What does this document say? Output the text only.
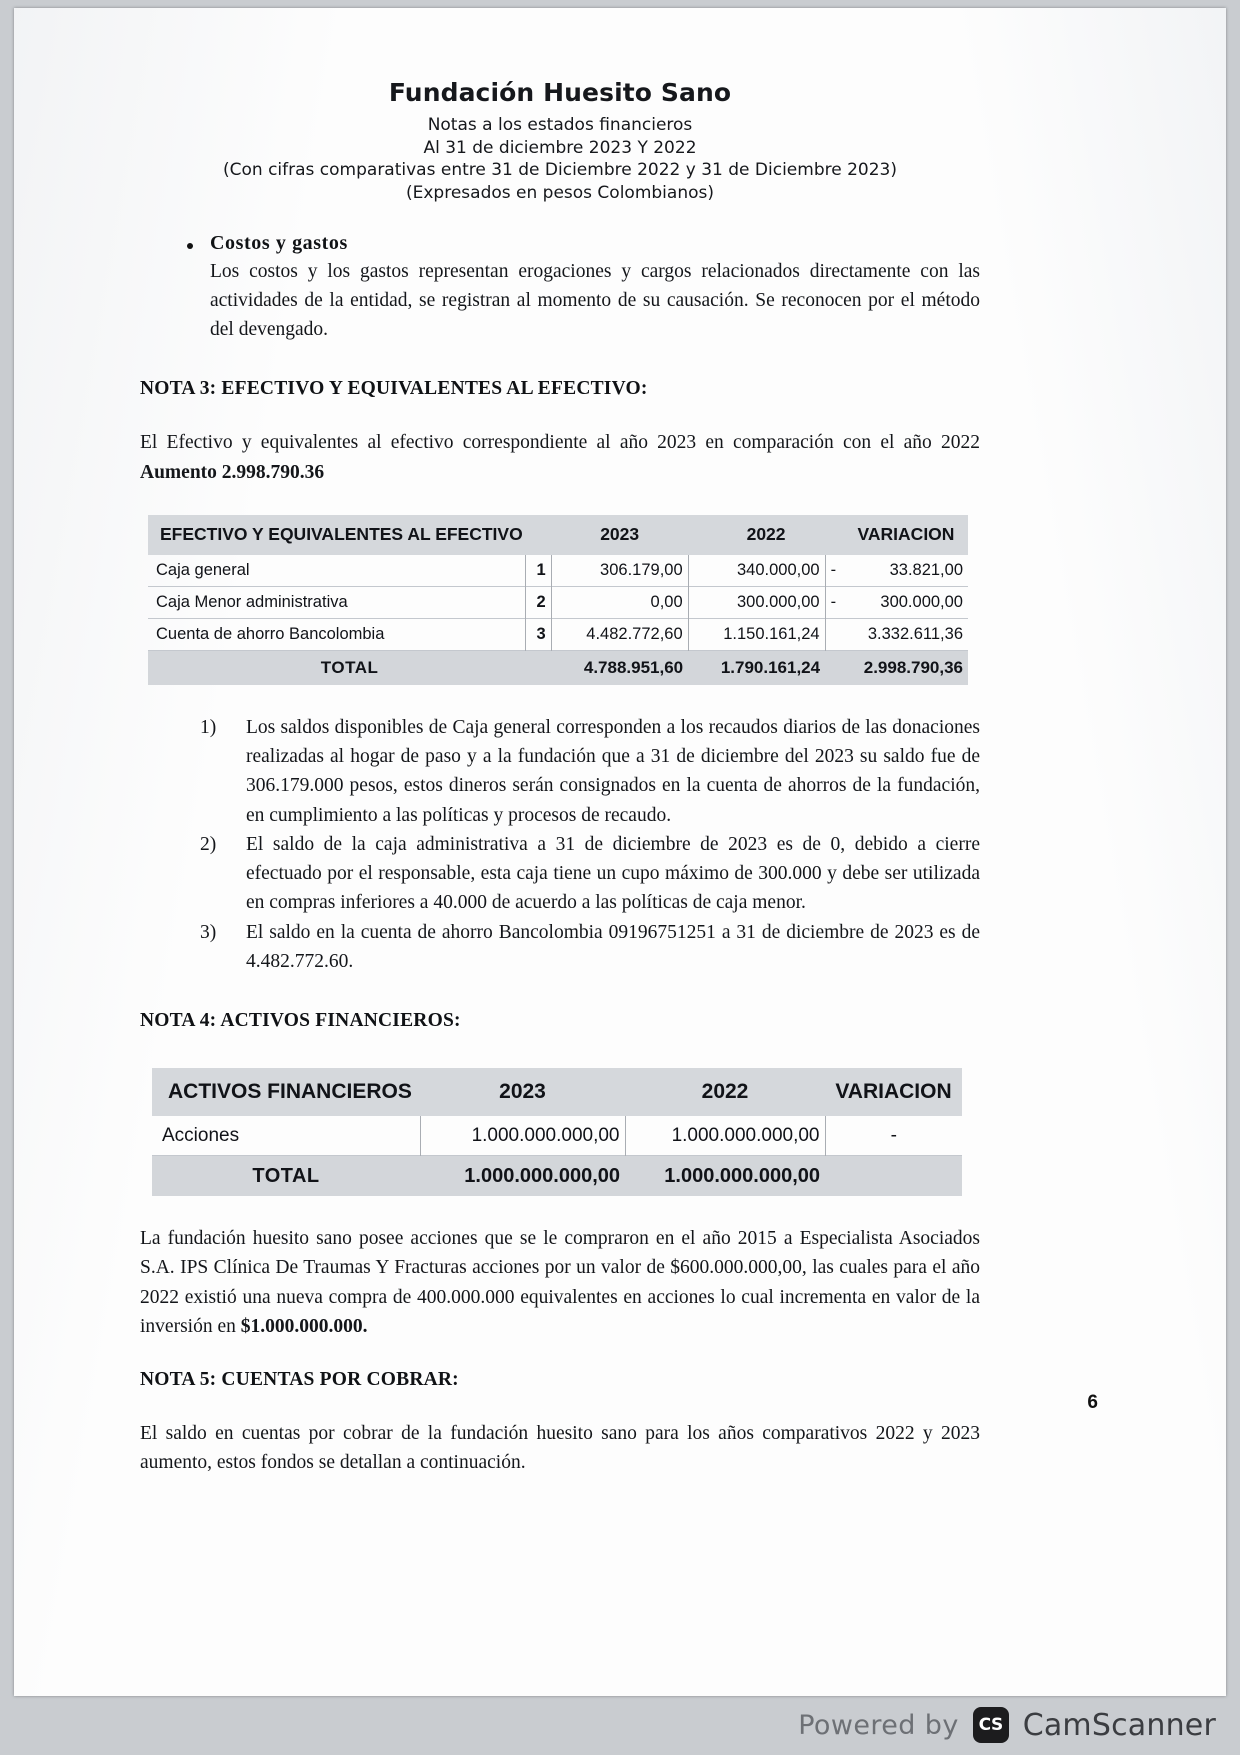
Fundación Huesito Sano
Notas a los estados financieros
Al 31 de diciembre 2023 Y 2022
(Con cifras comparativas entre 31 de Diciembre 2022 y 31 de Diciembre 2023)
(Expresados en pesos Colombianos)
Costos y gastos
Los costos y los gastos representan erogaciones y cargos relacionados directamente con las actividades de la entidad, se registran al momento de su causación. Se reconocen por el método del devengado.
NOTA 3: EFECTIVO Y EQUIVALENTES AL EFECTIVO:
El Efectivo y equivalentes al efectivo correspondiente al año 2023 en comparación con el año 2022 Aumento 2.998.790.36
EFECTIVO Y EQUIVALENTES AL EFECTIVO		2023	2022		VARIACION
Caja general	1	306.179,00	340.000,00	-	33.821,00
Caja Menor administrativa	2	0,00	300.000,00	-	300.000,00
Cuenta de ahorro Bancolombia	3	4.482.772,60	1.150.161,24		3.332.611,36
TOTAL		4.788.951,60	1.790.161,24		2.998.790,36
Los saldos disponibles de Caja general corresponden a los recaudos diarios de las donaciones realizadas al hogar de paso y a la fundación que a 31 de diciembre del 2023 su saldo fue de 306.179.000 pesos, estos dineros serán consignados en la cuenta de ahorros de la fundación, en cumplimiento a las políticas y procesos de recaudo.
El saldo de la caja administrativa a 31 de diciembre de 2023 es de 0, debido a cierre efectuado por el responsable, esta caja tiene un cupo máximo de 300.000 y debe ser utilizada en compras inferiores a 40.000 de acuerdo a las políticas de caja menor.
El saldo en la cuenta de ahorro Bancolombia 09196751251 a 31 de diciembre de 2023 es de 4.482.772.60.
NOTA 4: ACTIVOS FINANCIEROS:
ACTIVOS FINANCIEROS	2023	2022	VARIACION
Acciones	1.000.000.000,00	1.000.000.000,00	-
TOTAL	1.000.000.000,00	1.000.000.000,00	
La fundación huesito sano posee acciones que se le compraron en el año 2015 a Especialista Asociados S.A. IPS Clínica De Traumas Y Fracturas acciones por un valor de $600.000.000,00, las cuales para el año 2022 existió una nueva compra de 400.000.000 equivalentes en acciones lo cual incrementa en valor de la inversión en $1.000.000.000.
NOTA 5: CUENTAS POR COBRAR:
El saldo en cuentas por cobrar de la fundación huesito sano para los años comparativos 2022 y 2023 aumento, estos fondos se detallan a continuación.
6
Powered by	CS CamScanner
